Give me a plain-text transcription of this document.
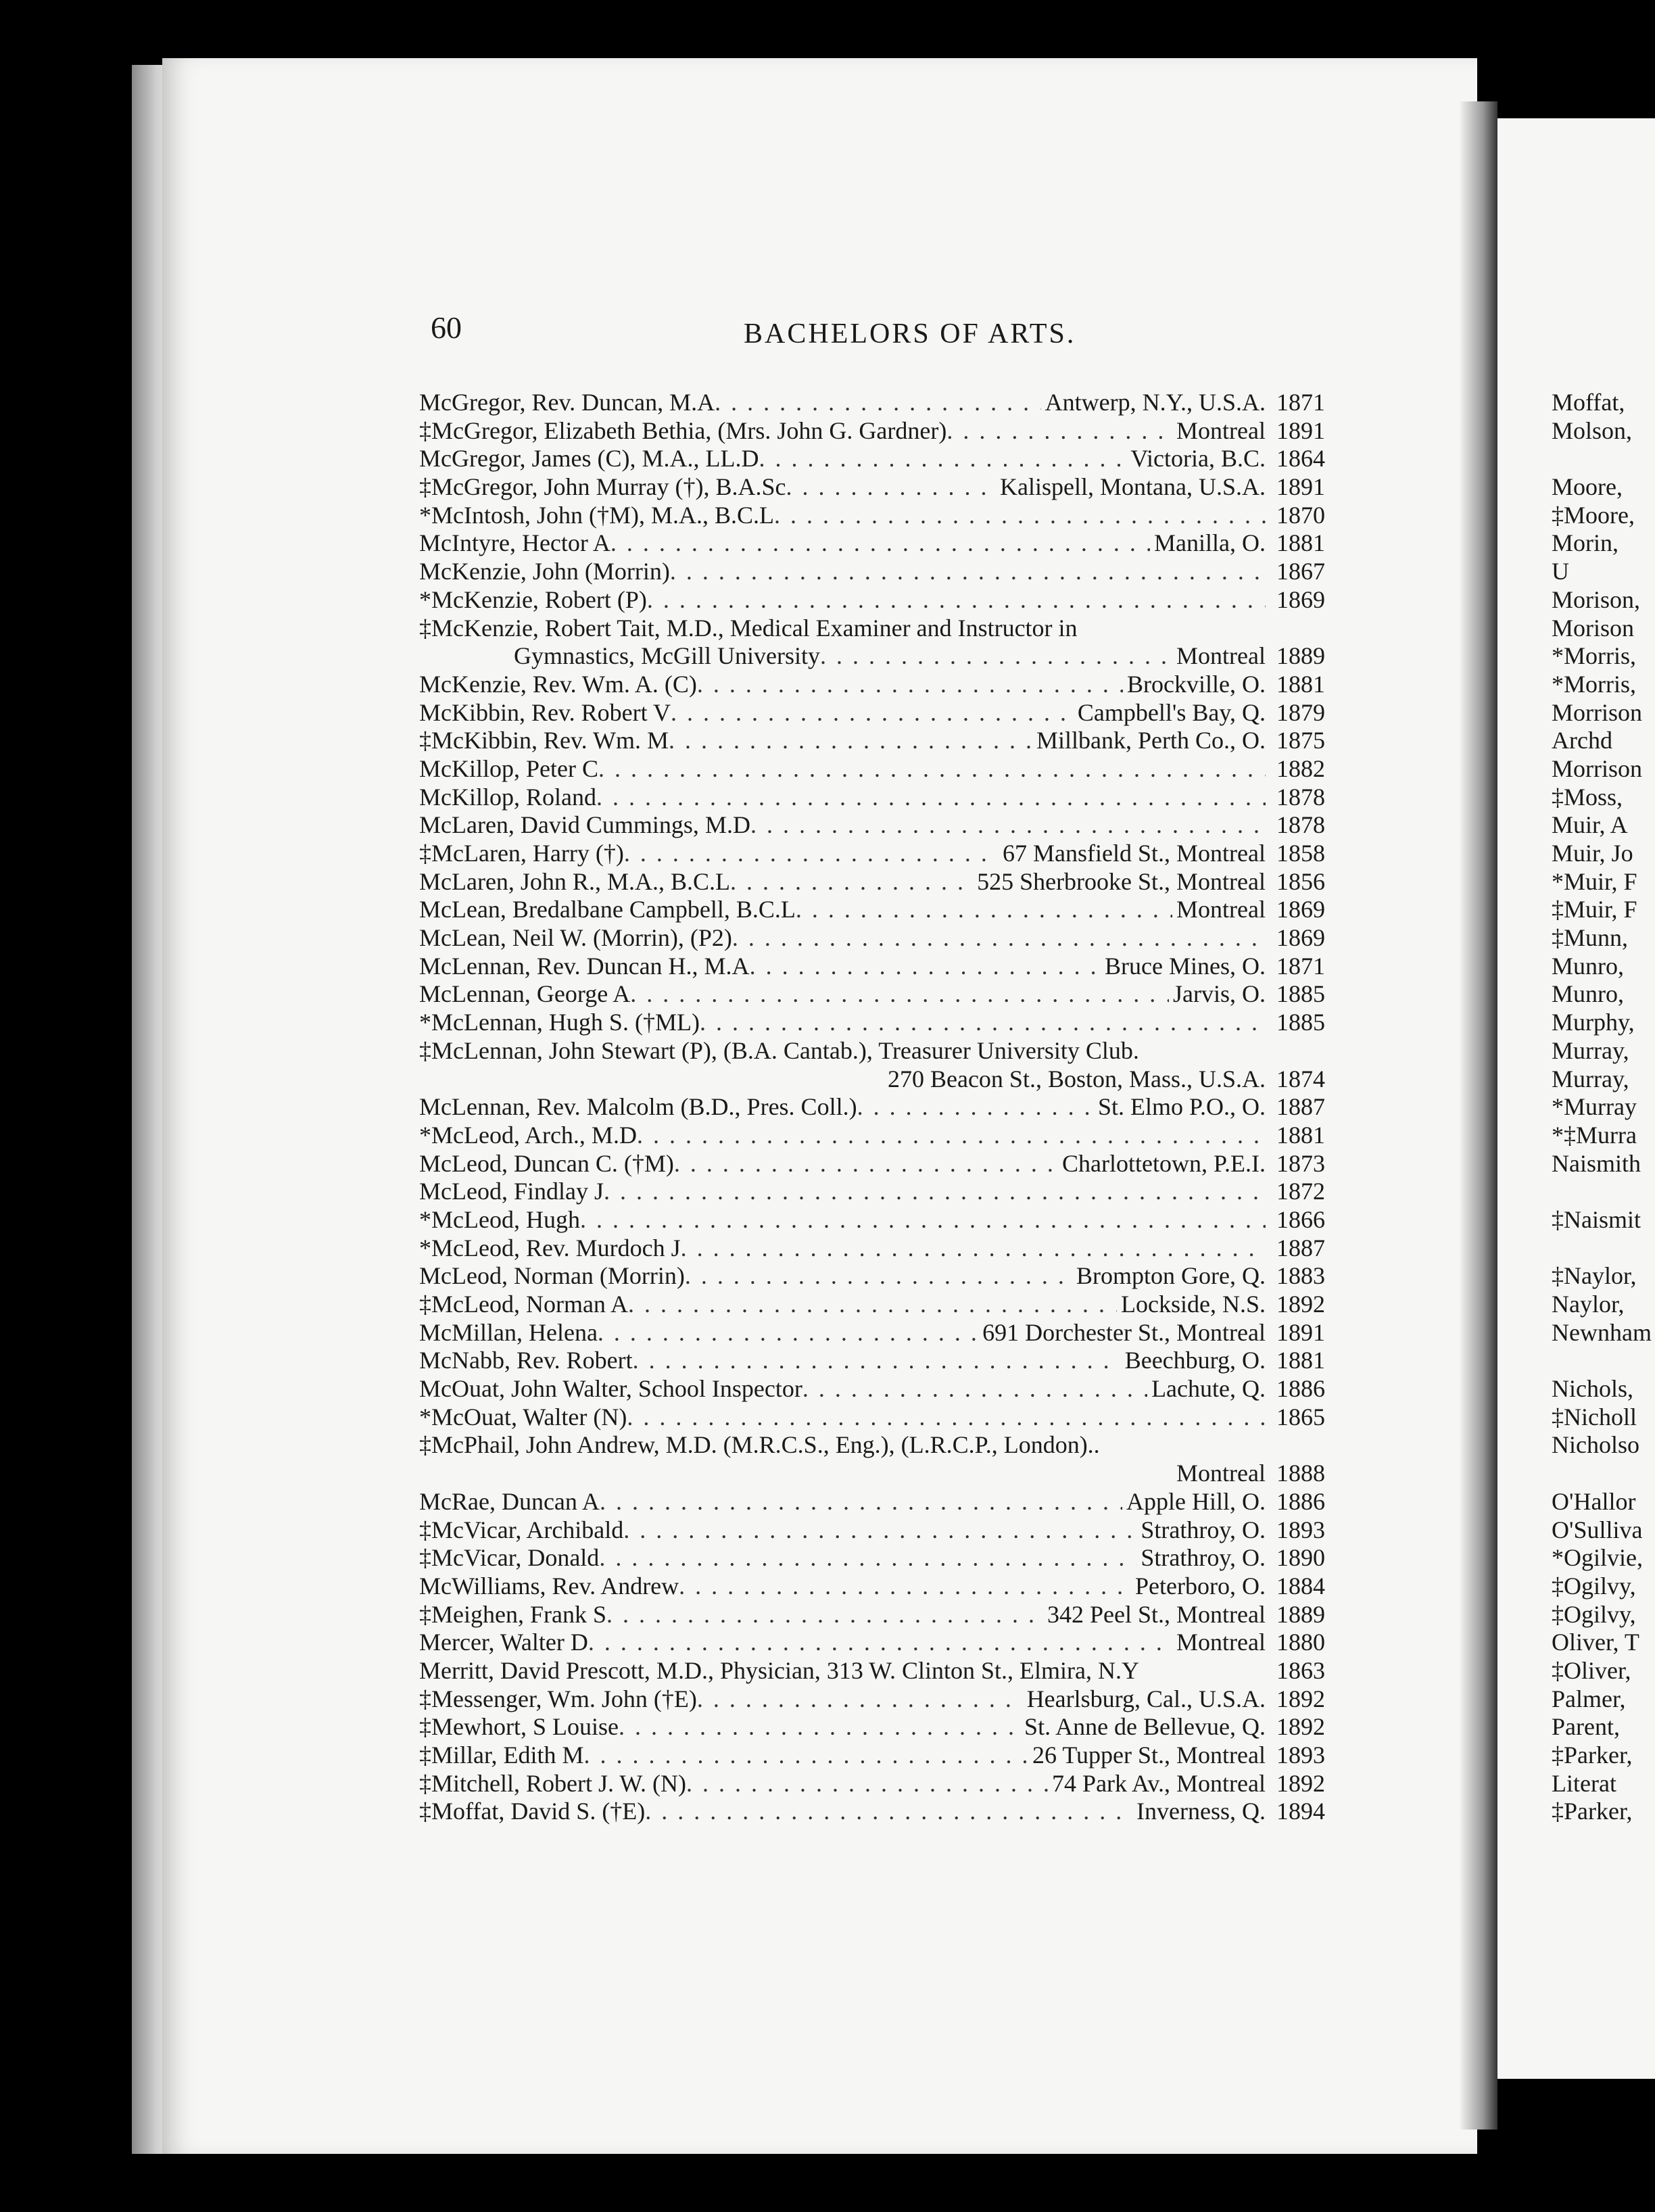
Moffat,
Molson,
Moore,
‡Moore,
Morin,
U
Morison,
Morison
*Morris,
*Morris,
Morrison
Archd
Morrison
‡Moss,
Muir, A
Muir, Jo
*Muir, F
‡Muir, F
‡Munn,
Munro,
Munro,
Murphy,
Murray,
Murray,
*Murray
*‡Murra
Naismith
‡Naismit
‡Naylor,
Naylor,
Newnham
Nichols,
‡Nicholl
Nicholso
O'Hallor
O'Sulliva
*Ogilvie,
‡Ogilvy,
‡Ogilvy,
Oliver, T
‡Oliver,
Palmer,
Parent,
‡Parker,
Literat
‡Parker,
60	BACHELORS OF ARTS.
McGregor, Rev. Duncan, M.A . . .	Antwerp, N.Y., U.S.A. 1871
‡McGregor, Elizabeth Bethia, (Mrs. John G. Gardner) . . .	Montreal 1891
McGregor, James (C), M.A., LL.D . . .	Victoria, B.C. 1864
‡McGregor, John Murray (†), B.A.Sc . . .	Kalispell, Montana, U.S.A. 1891
*McIntosh, John (†M), M.A., B.C.L . . .	1870
McIntyre, Hector A . . .	Manilla, O. 1881
McKenzie, John (Morrin) . . .	1867
*McKenzie, Robert (P) . . .	1869
‡McKenzie, Robert Tait, M.D., Medical Examiner and Instructor in
Gymnastics, McGill University . . .	Montreal 1889
McKenzie, Rev. Wm. A. (C) . . .	Brockville, O. 1881
McKibbin, Rev. Robert V . . .	Campbell's Bay, Q. 1879
‡McKibbin, Rev. Wm. M . . .	Millbank, Perth Co., O. 1875
McKillop, Peter C . . .	1882
McKillop, Roland . . .	1878
McLaren, David Cummings, M.D . . .	1878
‡McLaren, Harry (†) . . .	67 Mansfield St., Montreal 1858
McLaren, John R., M.A., B.C.L . . .	525 Sherbrooke St., Montreal 1856
McLean, Bredalbane Campbell, B.C.L . . .	Montreal 1869
McLean, Neil W. (Morrin), (P2) . . .	1869
McLennan, Rev. Duncan H., M.A . . .	Bruce Mines, O. 1871
McLennan, George A . . .	Jarvis, O. 1885
*McLennan, Hugh S. (†ML) . . .	1885
‡McLennan, John Stewart (P), (B.A. Cantab.), Treasurer University Club.
270 Beacon St., Boston, Mass., U.S.A. 1874
McLennan, Rev. Malcolm (B.D., Pres. Coll.) . . .	St. Elmo P.O., O. 1887
*McLeod, Arch., M.D . . .	1881
McLeod, Duncan C. (†M) . . .	Charlottetown, P.E.I. 1873
McLeod, Findlay J . . .	1872
*McLeod, Hugh . . .	1866
*McLeod, Rev. Murdoch J . . .	1887
McLeod, Norman (Morrin) . . .	Brompton Gore, Q. 1883
‡McLeod, Norman A . . .	Lockside, N.S. 1892
McMillan, Helena . . .	691 Dorchester St., Montreal 1891
McNabb, Rev. Robert . . .	Beechburg, O. 1881
McOuat, John Walter, School Inspector . . .	Lachute, Q. 1886
*McOuat, Walter (N) . . .	1865
‡McPhail, John Andrew, M.D. (M.R.C.S., Eng.), (L.R.C.P., London)..
Montreal 1888
McRae, Duncan A . . .	Apple Hill, O. 1886
‡McVicar, Archibald . . .	Strathroy, O. 1893
‡McVicar, Donald . . .	Strathroy, O. 1890
McWilliams, Rev. Andrew . . .	Peterboro, O. 1884
‡Meighen, Frank S . . .	342 Peel St., Montreal 1889
Mercer, Walter D . . .	Montreal 1880
Merritt, David Prescott, M.D., Physician, 313 W. Clinton St., Elmira, N.Y	1863
‡Messenger, Wm. John (†E) . . .	Hearlsburg, Cal., U.S.A. 1892
‡Mewhort, S Louise . . .	St. Anne de Bellevue, Q. 1892
‡Millar, Edith M . . .	26 Tupper St., Montreal 1893
‡Mitchell, Robert J. W. (N) . . .	74 Park Av., Montreal 1892
‡Moffat, David S. (†E) . . .	Inverness, Q. 1894
